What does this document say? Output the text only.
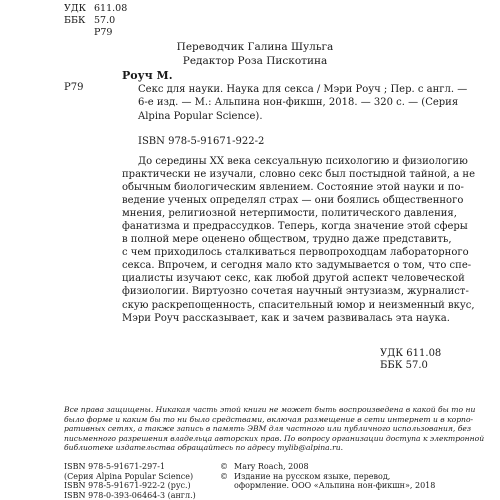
УДК 611.08
ББК 57.0
Р79
Переводчик Галина Шульга
Редактор Роза Пискотина
Р79
Роуч М.
Секс для науки. Наука для секса / Мэри Роуч ; Пер. с англ. —
6-е изд. — М.: Альпина нон-фикшн, 2018. — 320 с. — (Серия
Alpina Popular Science).
ISBN 978-5-91671-922-2
До середины XX века сексуальную психологию и физиологию
практически не изучали, словно секс был постыдной тайной, а не
обычным биологическим явлением. Состояние этой науки и по-
ведение ученых определял страх — они боялись общественного
мнения, религиозной нетерпимости, политического давления,
фанатизма и предрассудков. Теперь, когда значение этой сферы
в полной мере оценено обществом, трудно даже представить,
с чем приходилось сталкиваться первопроходцам лабораторного
секса. Впрочем, и сегодня мало кто задумывается о том, что спе-
циалисты изучают секс, как любой другой аспект человеческой
физиологии. Виртуозно сочетая научный энтузиазм, журналист-
скую раскрепощенность, спасительный юмор и неизменный вкус,
Мэри Роуч рассказывает, как и зачем развивалась эта наука.
УДК 611.08
ББК 57.0
Все права защищены. Никакая часть этой книги не может быть воспроизведена в какой бы то ни
было форме и каким бы то ни было средствами, включая размещение в сети интернет и в корпо-
ративных сетях, а также запись в память ЭВМ для частного или публичного использования, без
письменного разрешения владельца авторских прав. По вопросу организации доступа к электронной
библиотеке издательства обращайтесь по адресу mylib@alpina.ru.
ISBN 978-5-91671-297-1
(Серия Alpina Popular Science)
ISBN 978-5-91671-922-2 (рус.)
ISBN 978-0-393-06464-3 (англ.)
© Mary Roach, 2008
© Издание на русском языке, перевод,
оформление. ООО «Альпина нон-фикшн», 2018
